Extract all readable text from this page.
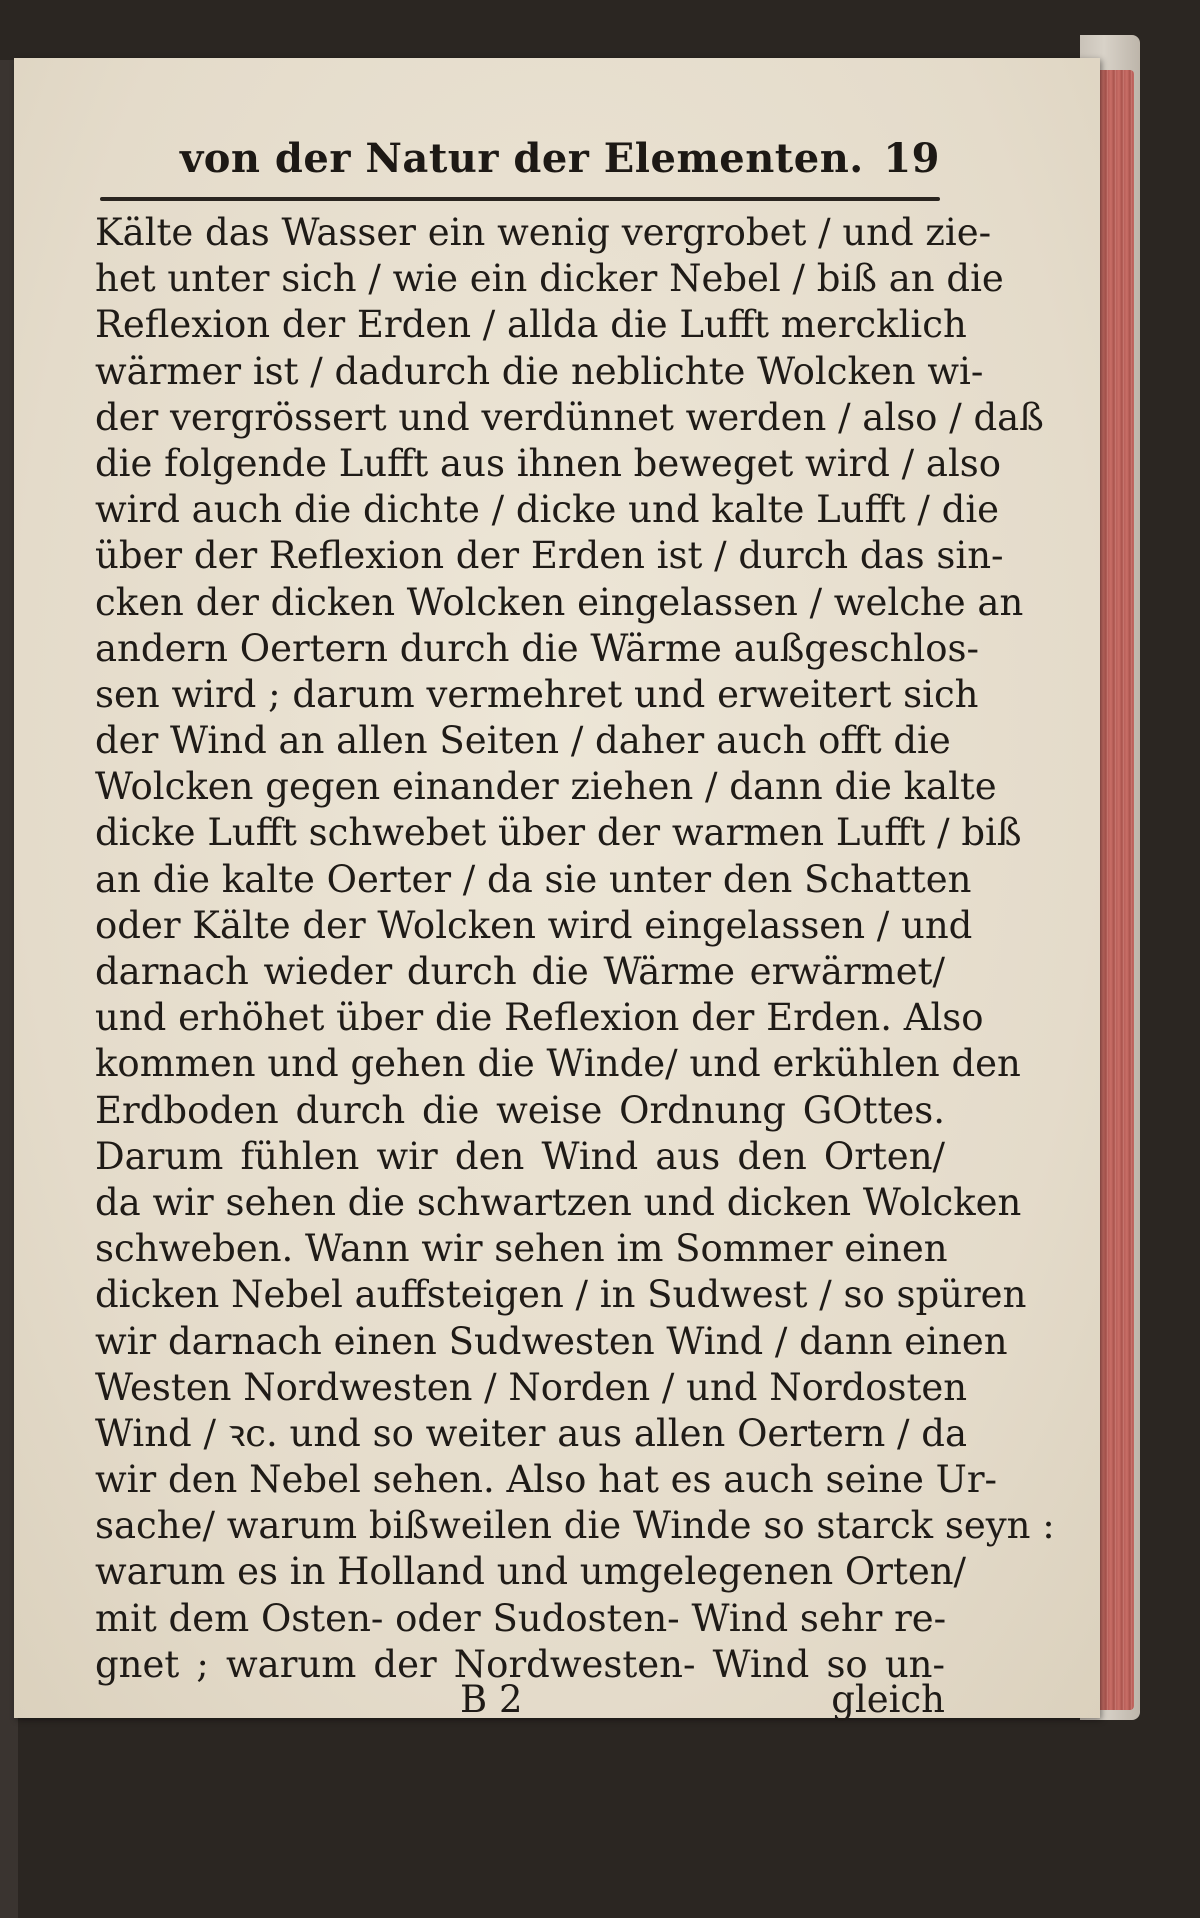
von der Natur der Elementen. 19
Kälte das Wasser ein wenig vergrobet / und zie-
het unter sich / wie ein dicker Nebel / biß an die
Reflexion der Erden / allda die Lufft mercklich
wärmer ist / dadurch die neblichte Wolcken wi-
der vergrössert und verdünnet werden / also / daß
die folgende Lufft aus ihnen beweget wird / also
wird auch die dichte / dicke und kalte Lufft / die
über der Reflexion der Erden ist / durch das sin-
cken der dicken Wolcken eingelassen / welche an
andern Oertern durch die Wärme außgeschlos-
sen wird ; darum vermehret und erweitert sich
der Wind an allen Seiten / daher auch offt die
Wolcken gegen einander ziehen / dann die kalte
dicke Lufft schwebet über der warmen Lufft / biß
an die kalte Oerter / da sie unter den Schatten
oder Kälte der Wolcken wird eingelassen / und
darnach wieder durch die Wärme erwärmet/
und erhöhet über die Reflexion der Erden. Also
kommen und gehen die Winde/ und erkühlen den
Erdboden durch die weise Ordnung GOttes.
Darum fühlen wir den Wind aus den Orten/
da wir sehen die schwartzen und dicken Wolcken
schweben. Wann wir sehen im Sommer einen
dicken Nebel auffsteigen / in Sudwest / so spüren
wir darnach einen Sudwesten Wind / dann einen
Westen Nordwesten / Norden / und Nordosten
Wind / ꝛc. und so weiter aus allen Oertern / da
wir den Nebel sehen. Also hat es auch seine Ur-
sache/ warum bißweilen die Winde so starck seyn :
warum es in Holland und umgelegenen Orten/
mit dem Osten- oder Sudosten- Wind sehr re-
gnet ; warum der Nordwesten- Wind so un-
B 2	gleich
